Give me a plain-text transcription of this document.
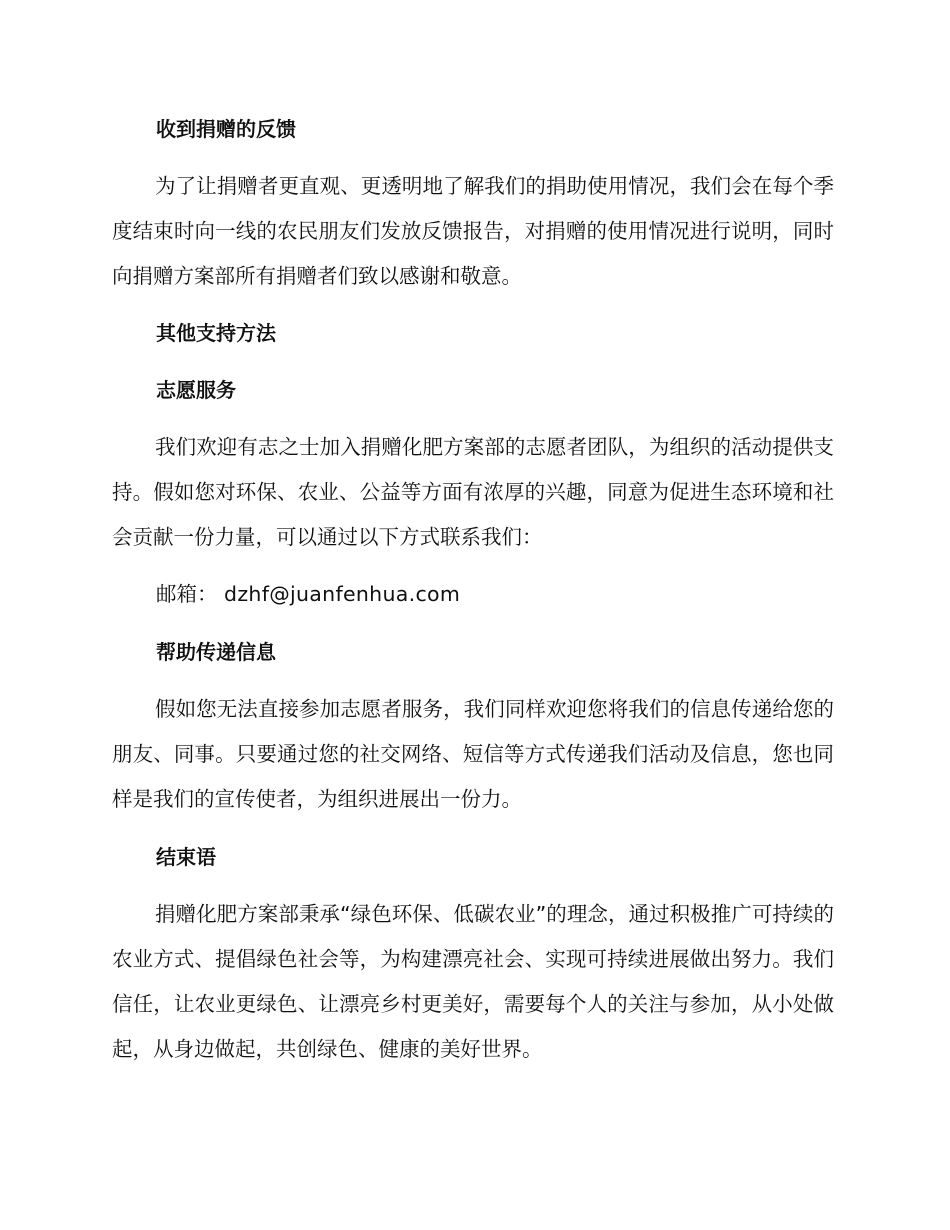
收到捐赠的反馈

为了让捐赠者更直观、更透明地了解我们的捐助使用情况，我们会在每个季度结束时向一线的农民朋友们发放反馈报告，对捐赠的使用情况进行说明，同时向捐赠方案部所有捐赠者们致以感谢和敬意。

其他支持方法
志愿服务

我们欢迎有志之士加入捐赠化肥方案部的志愿者团队，为组织的活动提供支持。假如您对环保、农业、公益等方面有浓厚的兴趣，同意为促进生态环境和社会贡献一份力量，可以通过以下方式联系我们：

邮箱： dzhf@juanfenhua.com

帮助传递信息

假如您无法直接参加志愿者服务，我们同样欢迎您将我们的信息传递给您的朋友、同事。只要通过您的社交网络、短信等方式传递我们活动及信息，您也同样是我们的宣传使者，为组织进展出一份力。

结束语

捐赠化肥方案部秉承“绿色环保、低碳农业”的理念，通过积极推广可持续的农业方式、提倡绿色社会等，为构建漂亮社会、实现可持续进展做出努力。我们信任，让农业更绿色、让漂亮乡村更美好，需要每个人的关注与参加，从小处做起，从身边做起，共创绿色、健康的美好世界。
